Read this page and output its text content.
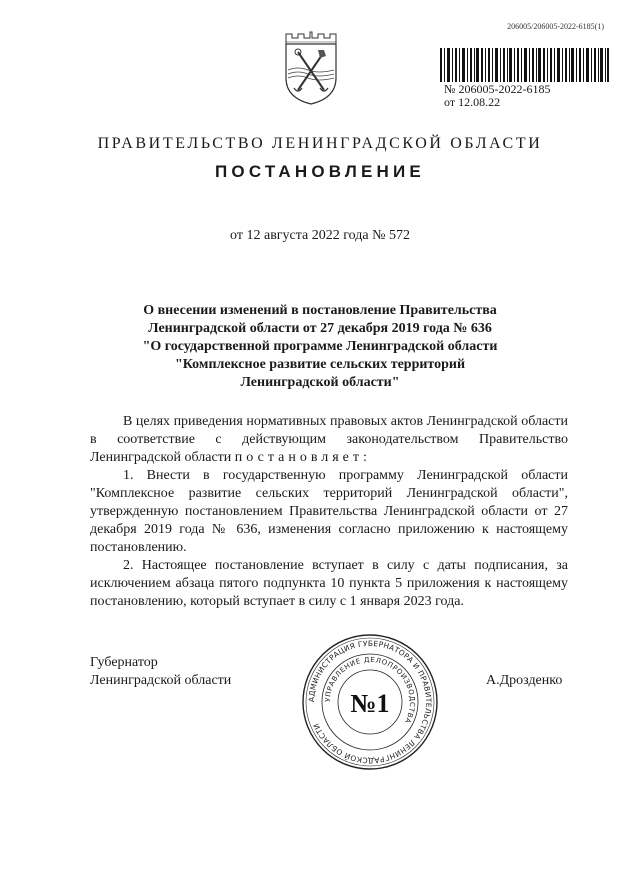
206005/206005-2022-6185(1)
№ 206005-2022-6185
от 12.08.22
ПРАВИТЕЛЬСТВО ЛЕНИНГРАДСКОЙ ОБЛАСТИ
ПОСТАНОВЛЕНИЕ
от 12 августа 2022 года № 572
О внесении изменений в постановление Правительства
Ленинградской области от 27 декабря 2019 года № 636
"О государственной программе Ленинградской области
"Комплексное развитие сельских территорий
Ленинградской области"

В целях приведения нормативных правовых актов Ленинградской области в соответствие с действующим законодательством Правительство Ленинградской области постановляет:

1. Внести в государственную программу Ленинградской области "Комплексное развитие сельских территорий Ленинградской области", утвержденную постановлением Правительства Ленинградской области от 27 декабря 2019 года № 636, изменения согласно приложению к настоящему постановлению.

2. Настоящее постановление вступает в силу с даты подписания, за исключением абзаца пятого подпункта 10 пункта 5 приложения к настоящему постановлению, который вступает в силу с 1 января 2023 года.

Губернатор
Ленинградской области	А.Дрозденко
АДМИНИСТРАЦИЯ ГУБЕРНАТОРА И ПРАВИТЕЛЬСТВА ЛЕНИНГРАДСКОЙ ОБЛАСТИ
УПРАВЛЕНИЕ ДЕЛОПРОИЗВОДСТВА
№1
